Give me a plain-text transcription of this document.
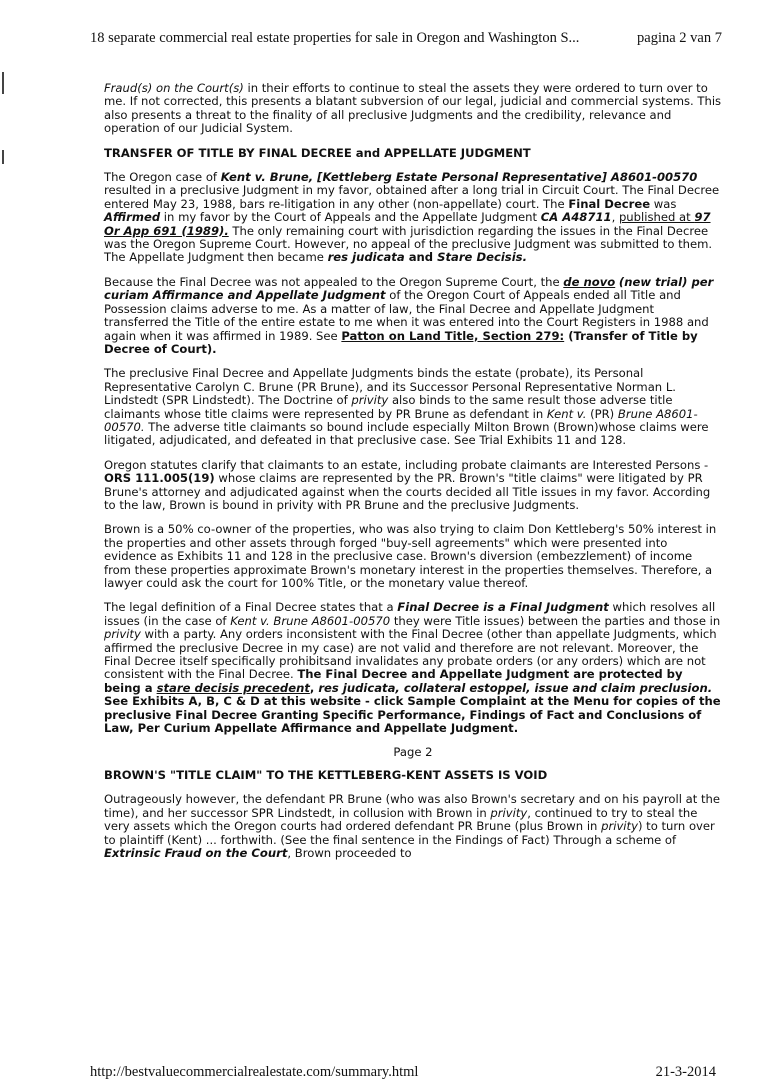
18 separate commercial real estate properties for sale in Oregon and Washington S...	pagina 2 van 7

Fraud(s) on the Court(s) in their efforts to continue to steal the assets they were ordered to turn over to me. If not corrected, this presents a blatant subversion of our legal, judicial and commercial systems. This also presents a threat to the finality of all preclusive Judgments and the credibility, relevance and operation of our Judicial System.

TRANSFER OF TITLE BY FINAL DECREE and APPELLATE JUDGMENT

The Oregon case of Kent v. Brune, [Kettleberg Estate Personal Representative] A8601-00570 resulted in a preclusive Judgment in my favor, obtained after a long trial in Circuit Court. The Final Decree entered May 23, 1988, bars re-litigation in any other (non-appellate) court. The Final Decree was Affirmed in my favor by the Court of Appeals and the Appellate Judgment CA A48711, published at 97 Or App 691 (1989). The only remaining court with jurisdiction regarding the issues in the Final Decree was the Oregon Supreme Court. However, no appeal of the preclusive Judgment was submitted to them. The Appellate Judgment then became res judicata and Stare Decisis.

Because the Final Decree was not appealed to the Oregon Supreme Court, the de novo (new trial) per curiam Affirmance and Appellate Judgment of the Oregon Court of Appeals ended all Title and Possession claims adverse to me. As a matter of law, the Final Decree and Appellate Judgment transferred the Title of the entire estate to me when it was entered into the Court Registers in 1988 and again when it was affirmed in 1989. See Patton on Land Title, Section 279: (Transfer of Title by Decree of Court).

The preclusive Final Decree and Appellate Judgments binds the estate (probate), its Personal Representative Carolyn C. Brune (PR Brune), and its Successor Personal Representative Norman L. Lindstedt (SPR Lindstedt). The Doctrine of privity also binds to the same result those adverse title claimants whose title claims were represented by PR Brune as defendant in Kent v. (PR) Brune A8601-00570. The adverse title claimants so bound include especially Milton Brown (Brown)whose claims were litigated, adjudicated, and defeated in that preclusive case. See Trial Exhibits 11 and 128.

Oregon statutes clarify that claimants to an estate, including probate claimants are Interested Persons - ORS 111.005(19) whose claims are represented by the PR. Brown's "title claims" were litigated by PR Brune's attorney and adjudicated against when the courts decided all Title issues in my favor. According to the law, Brown is bound in privity with PR Brune and the preclusive Judgments.

Brown is a 50% co-owner of the properties, who was also trying to claim Don Kettleberg's 50% interest in the properties and other assets through forged "buy-sell agreements" which were presented into evidence as Exhibits 11 and 128 in the preclusive case. Brown's diversion (embezzlement) of income from these properties approximate Brown's monetary interest in the properties themselves. Therefore, a lawyer could ask the court for 100% Title, or the monetary value thereof.

The legal definition of a Final Decree states that a Final Decree is a Final Judgment which resolves all issues (in the case of Kent v. Brune A8601-00570 they were Title issues) between the parties and those in privity with a party. Any orders inconsistent with the Final Decree (other than appellate Judgments, which affirmed the preclusive Decree in my case) are not valid and therefore are not relevant. Moreover, the Final Decree itself specifically prohibitsand invalidates any probate orders (or any orders) which are not consistent with the Final Decree. The Final Decree and Appellate Judgment are protected by being a stare decisis precedent, res judicata, collateral estoppel, issue and claim preclusion. See Exhibits A, B, C & D at this website - click Sample Complaint at the Menu for copies of the preclusive Final Decree Granting Specific Performance, Findings of Fact and Conclusions of Law, Per Curium Appellate Affirmance and Appellate Judgment.

Page 2
BROWN'S "TITLE CLAIM" TO THE KETTLEBERG-KENT ASSETS IS VOID

Outrageously however, the defendant PR Brune (who was also Brown's secretary and on his payroll at the time), and her successor SPR Lindstedt, in collusion with Brown in privity, continued to try to steal the very assets which the Oregon courts had ordered defendant PR Brune (plus Brown in privity) to turn over to plaintiff (Kent) ... forthwith. (See the final sentence in the Findings of Fact) Through a scheme of Extrinsic Fraud on the Court, Brown proceeded to

http://bestvaluecommercialrealestate.com/summary.html	21-3-2014
